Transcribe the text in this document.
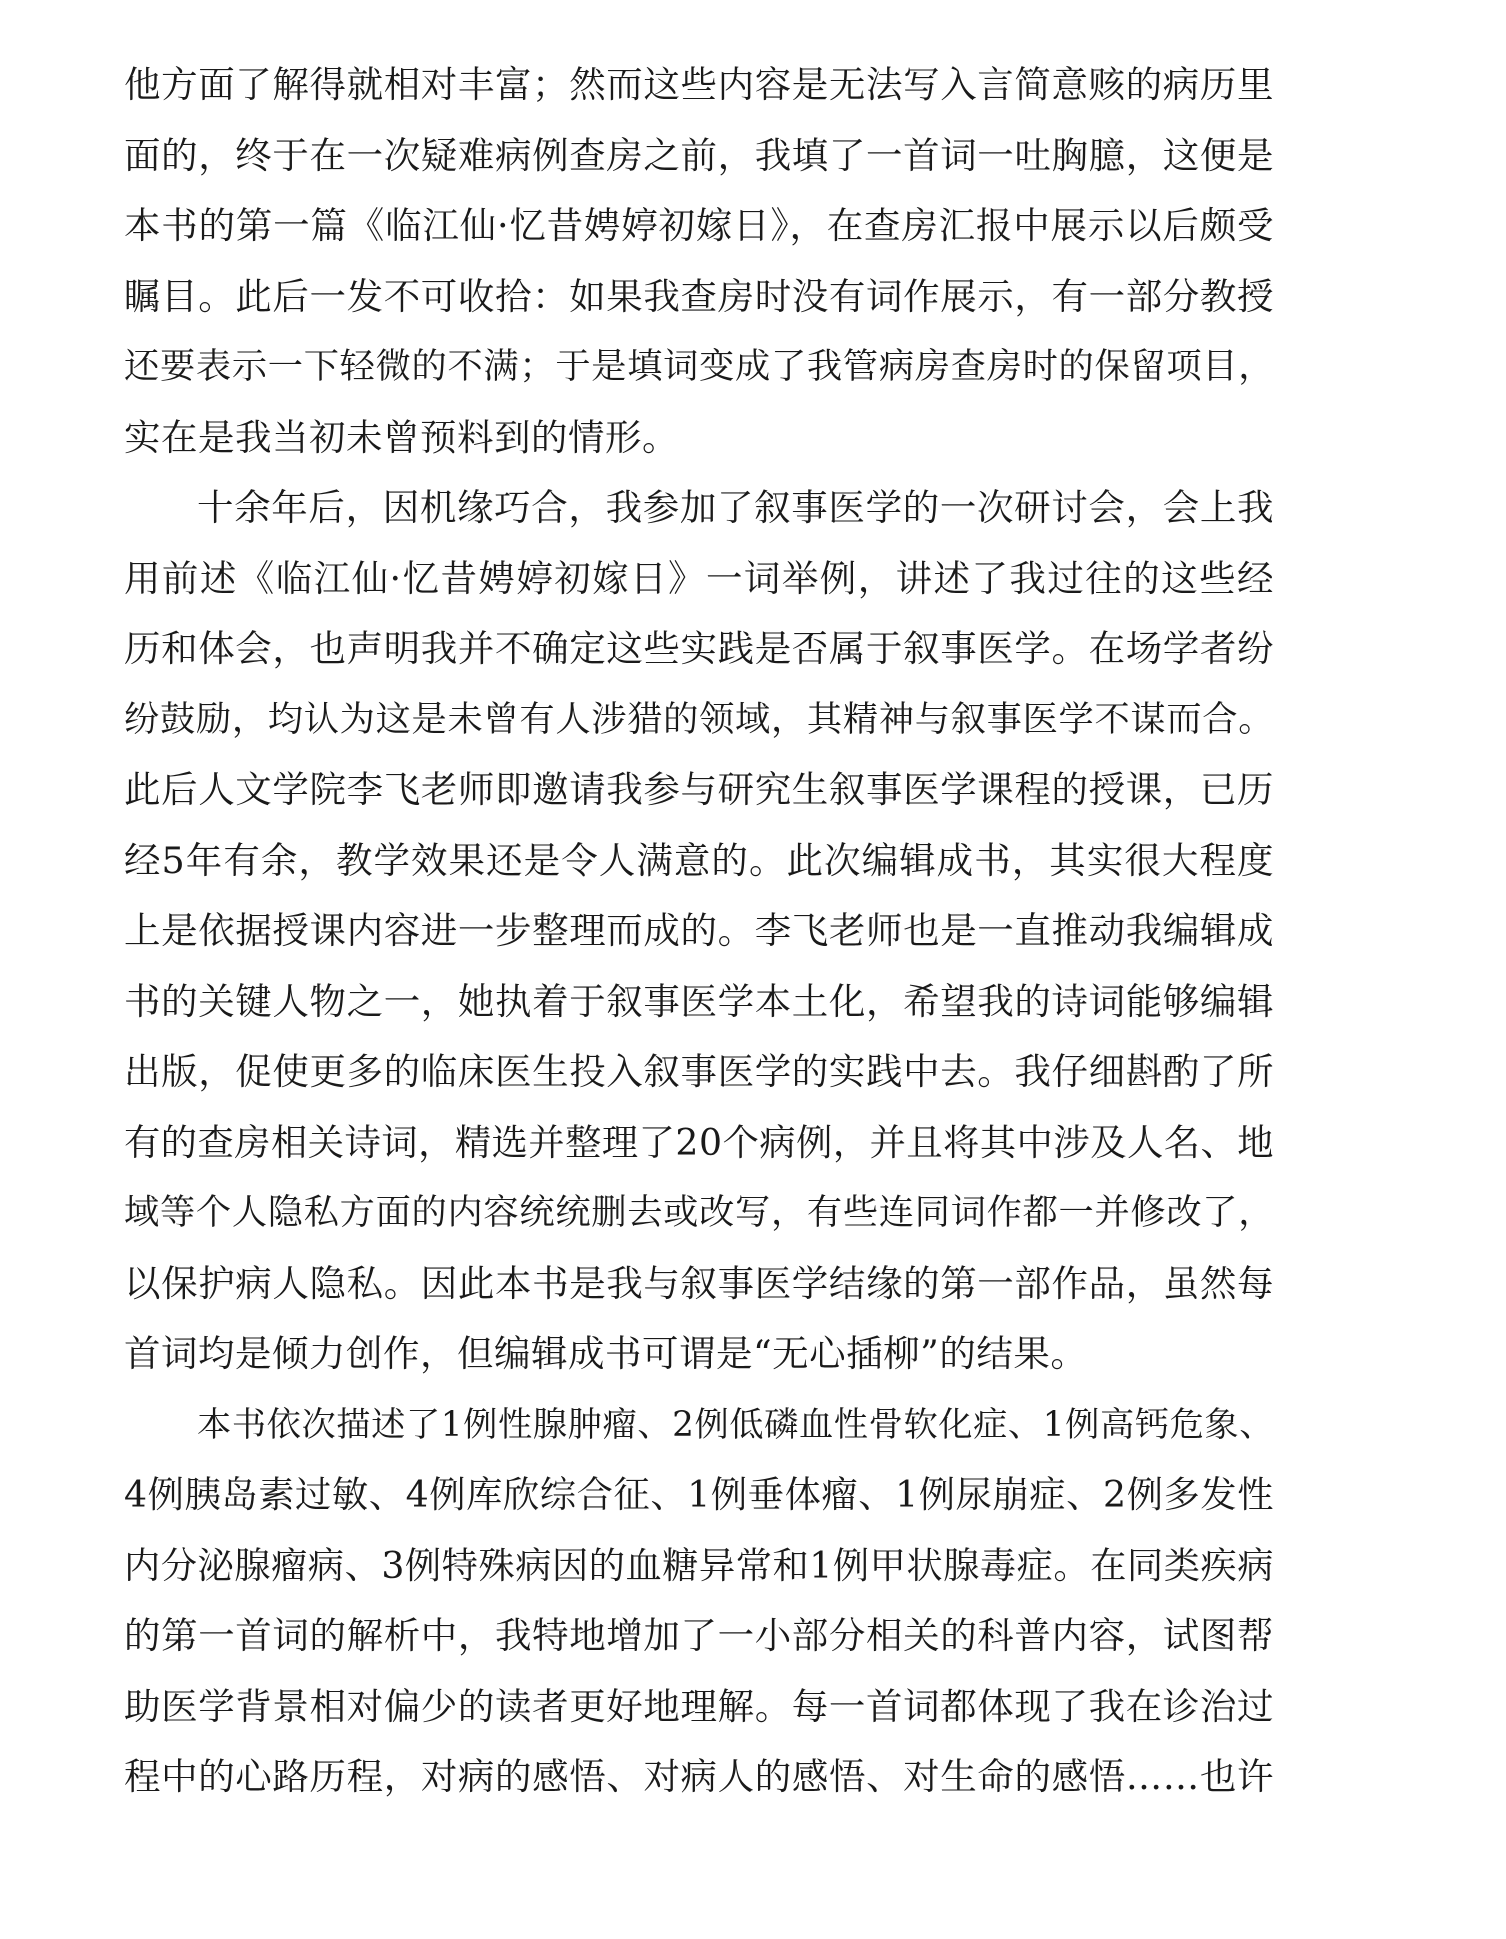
他方面了解得就相对丰富；然而这些内容是无法写入言简意赅的病历里
面的，终于在一次疑难病例查房之前，我填了一首词一吐胸臆，这便是
本书的第一篇《临江仙·忆昔娉婷初嫁日》，在查房汇报中展示以后颇受
瞩目。此后一发不可收拾：如果我查房时没有词作展示，有一部分教授
还要表示一下轻微的不满；于是填词变成了我管病房查房时的保留项目，
实在是我当初未曾预料到的情形。
十余年后，因机缘巧合，我参加了叙事医学的一次研讨会，会上我
用前述《临江仙·忆昔娉婷初嫁日》一词举例，讲述了我过往的这些经
历和体会，也声明我并不确定这些实践是否属于叙事医学。在场学者纷
纷鼓励，均认为这是未曾有人涉猎的领域，其精神与叙事医学不谋而合。
此后人文学院李飞老师即邀请我参与研究生叙事医学课程的授课，已历
经5年有余，教学效果还是令人满意的。此次编辑成书，其实很大程度
上是依据授课内容进一步整理而成的。李飞老师也是一直推动我编辑成
书的关键人物之一，她执着于叙事医学本土化，希望我的诗词能够编辑
出版，促使更多的临床医生投入叙事医学的实践中去。我仔细斟酌了所
有的查房相关诗词，精选并整理了20个病例，并且将其中涉及人名、地
域等个人隐私方面的内容统统删去或改写，有些连同词作都一并修改了，
以保护病人隐私。因此本书是我与叙事医学结缘的第一部作品，虽然每
首词均是倾力创作，但编辑成书可谓是“无心插柳”的结果。
本书依次描述了1例性腺肿瘤、2例低磷血性骨软化症、1例高钙危象、
4例胰岛素过敏、4例库欣综合征、1例垂体瘤、1例尿崩症、2例多发性
内分泌腺瘤病、3例特殊病因的血糖异常和1例甲状腺毒症。在同类疾病
的第一首词的解析中，我特地增加了一小部分相关的科普内容，试图帮
助医学背景相对偏少的读者更好地理解。每一首词都体现了我在诊治过
程中的心路历程，对病的感悟、对病人的感悟、对生命的感悟……也许
